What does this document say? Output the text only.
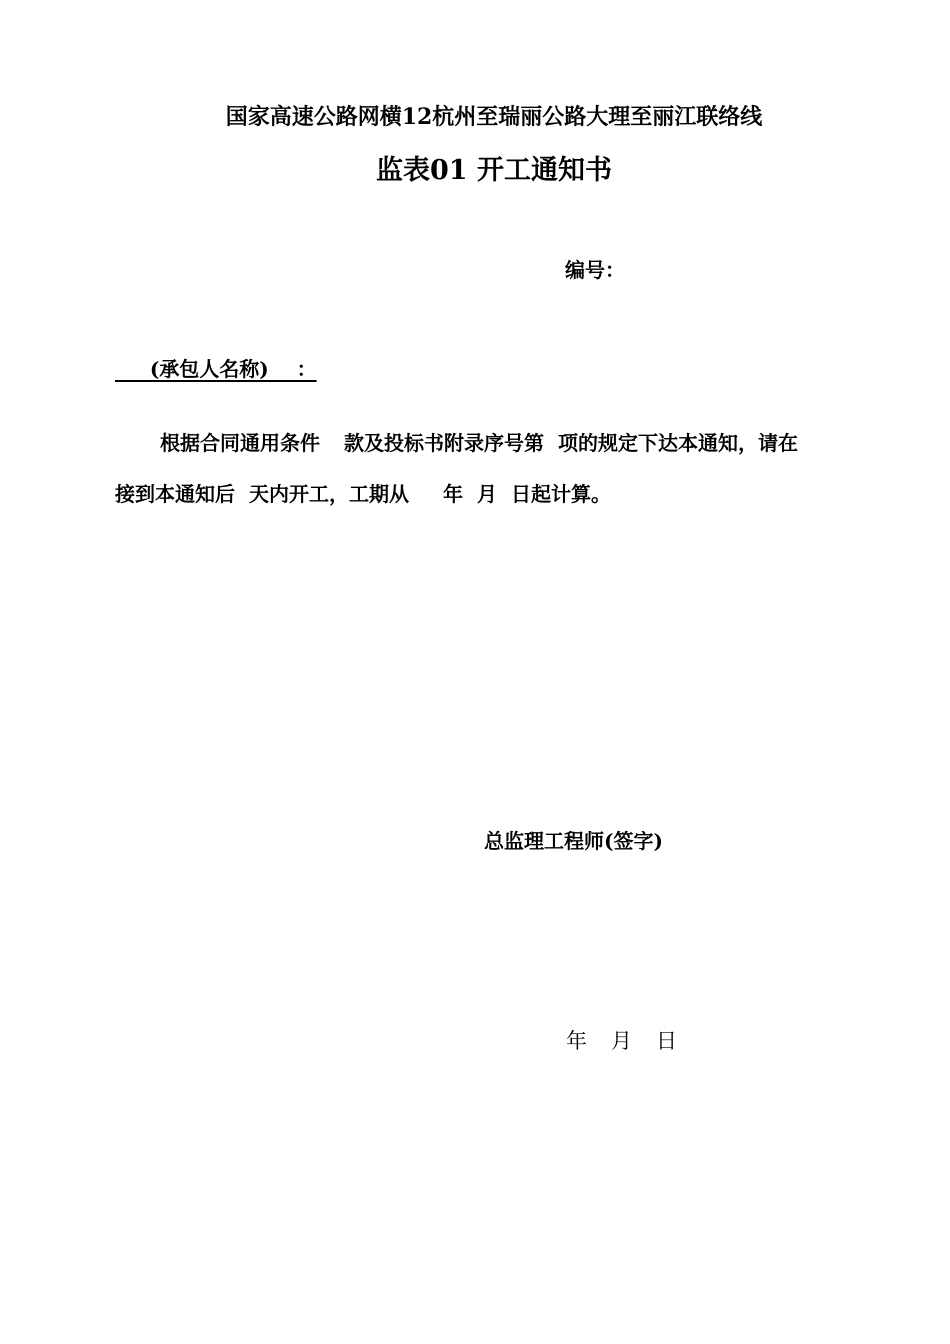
国家高速公路网横12杭州至瑞丽公路大理至丽江联络线
监表01 开工通知书
编号：
(承包人名称)    ：
根据合同通用条件 款及投标书附录序号第 项的规定下达本通知，请在
接到本通知后 天内开工，工期从 年 月 日起计算。
总监理工程师(签字)
年 月 日
